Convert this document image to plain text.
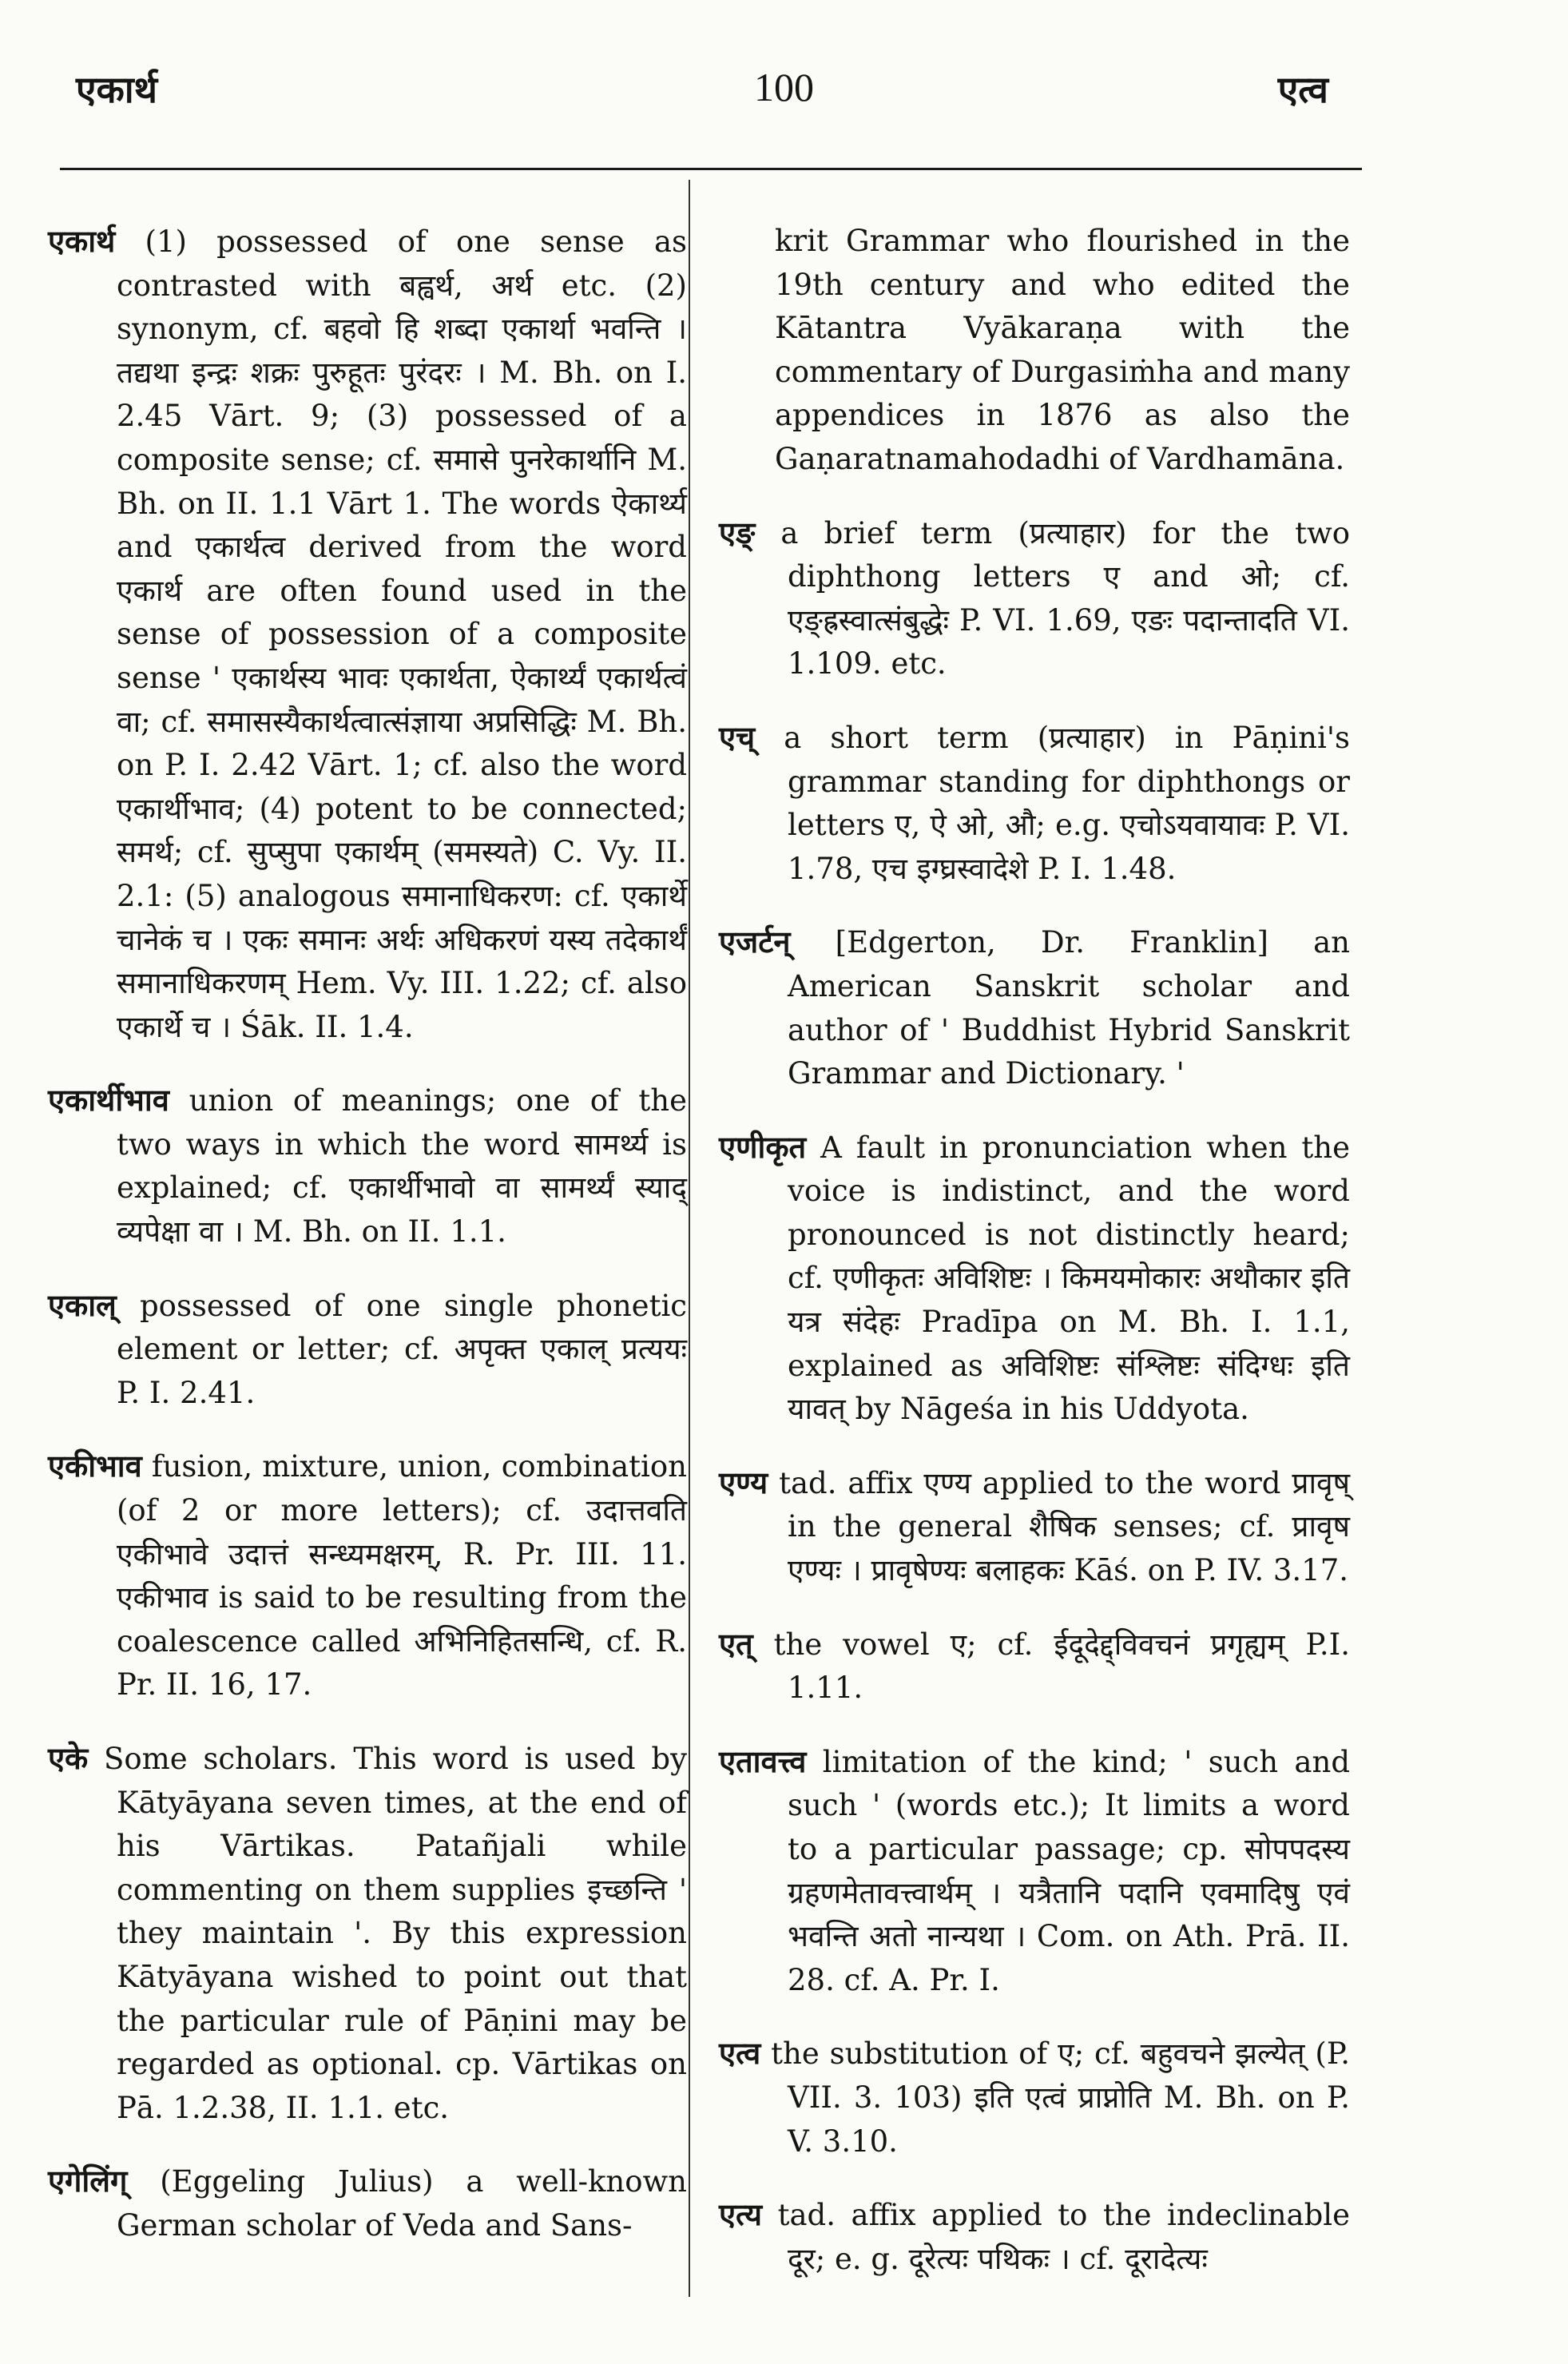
एकार्थ	100	एत्व

एकार्थ (1) possessed of one sense as contrasted with बह्वर्थ, अर्थ etc. (2) synonym, cf. बहवो हि शब्दा एकार्था भवन्ति । तद्यथा इन्द्रः शक्रः पुरुहूतः पुरंदरः । M. Bh. on I. 2.45 Vārt. 9; (3) possessed of a composite sense; cf. समासे पुनरेकार्थानि M. Bh. on II. 1.1 Vārt 1. The words ऐकार्थ्य and एकार्थत्व derived from the word एकार्थ are often found used in the sense of possession of a composite sense ' एकार्थस्य भावः एकार्थता, ऐकार्थ्यं एकार्थत्वं वा; cf. समासस्यैकार्थत्वात्संज्ञाया अप्रसिद्धिः M. Bh. on P. I. 2.42 Vārt. 1; cf. also the word एकार्थीभाव; (4) potent to be connected; समर्थ; cf. सुप्सुपा एकार्थम् (समस्यते) C. Vy. II. 2.1: (5) analogous समानाधिकरण: cf. एकार्थे चानेकं च । एकः समानः अर्थः अधिकरणं यस्य तदेकार्थं समानाधिकरणम् Hem. Vy. III. 1.22; cf. also एकार्थे च । Śāk. II. 1.4.

एकार्थीभाव union of meanings; one of the two ways in which the word सामर्थ्य is explained; cf. एकार्थीभावो वा सामर्थ्यं स्याद् व्यपेक्षा वा । M. Bh. on II. 1.1.

एकाल् possessed of one single phonetic element or letter; cf. अपृक्त एकाल् प्रत्ययः P. I. 2.41.

एकीभाव fusion, mixture, union, combination (of 2 or more letters); cf. उदात्तवति एकीभावे उदात्तं सन्ध्यमक्षरम्, R. Pr. III. 11. एकीभाव is said to be resulting from the coalescence called अभिनिहितसन्धि, cf. R. Pr. II. 16, 17.

एके Some scholars. This word is used by Kātyāyana seven times, at the end of his Vārtikas. Patañjali while commenting on them supplies इच्छन्ति ' they maintain '. By this expression Kātyāyana wished to point out that the particular rule of Pāṇini may be regarded as optional. cp. Vārtikas on Pā. 1.2.38, II. 1.1. etc.

एगेलिंग् (Eggeling Julius) a well-known German scholar of Veda and Sans-

krit Grammar who flourished in the 19th century and who edited the Kātantra Vyākaraṇa with the commentary of Durgasiṁha and many appendices in 1876 as also the Gaṇaratnamahodadhi of Vardhamāna.

एङ् a brief term (प्रत्याहार) for the two diphthong letters ए and ओ; cf. एङ्ह्रस्वात्संबुद्धेः P. VI. 1.69, एङः पदान्तादति VI. 1.109. etc.

एच् a short term (प्रत्याहार) in Pāṇini's grammar standing for diphthongs or letters ए, ऐ ओ, औ; e.g. एचोऽयवायावः P. VI. 1.78, एच इग्घ्रस्वादेशे P. I. 1.48.

एजर्टन् [Edgerton, Dr. Franklin] an American Sanskrit scholar and author of ' Buddhist Hybrid Sanskrit Grammar and Dictionary. '

एणीकृत A fault in pronunciation when the voice is indistinct, and the word pronounced is not distinctly heard; cf. एणीकृतः अविशिष्टः । किमयमोकारः अथौकार इति यत्र संदेहः Pradīpa on M. Bh. I. 1.1, explained as अविशिष्टः संश्लिष्टः संदिग्धः इति यावत् by Nāgeśa in his Uddyota.

एण्य tad. affix एण्य applied to the word प्रावृष् in the general शैषिक senses; cf. प्रावृष एण्यः । प्रावृषेण्यः बलाहकः Kāś. on P. IV. 3.17.

एत् the vowel ए; cf. ईदूदेद्द्विवचनं प्रगृह्यम् P.I. 1.11.

एतावत्त्व limitation of the kind; ' such and such ' (words etc.); It limits a word to a particular passage; cp. सोपपदस्य ग्रहणमेतावत्त्वार्थम् । यत्रैतानि पदानि एवमादिषु एवं भवन्ति अतो नान्यथा । Com. on Ath. Prā. II. 28. cf. A. Pr. I.

एत्व the substitution of ए; cf. बहुवचने झल्येत् (P. VII. 3. 103) इति एत्वं प्राप्नोति M. Bh. on P. V. 3.10.

एत्य tad. affix applied to the indeclinable दूर; e. g. दूरेत्यः पथिकः । cf. दूरादेत्यः
